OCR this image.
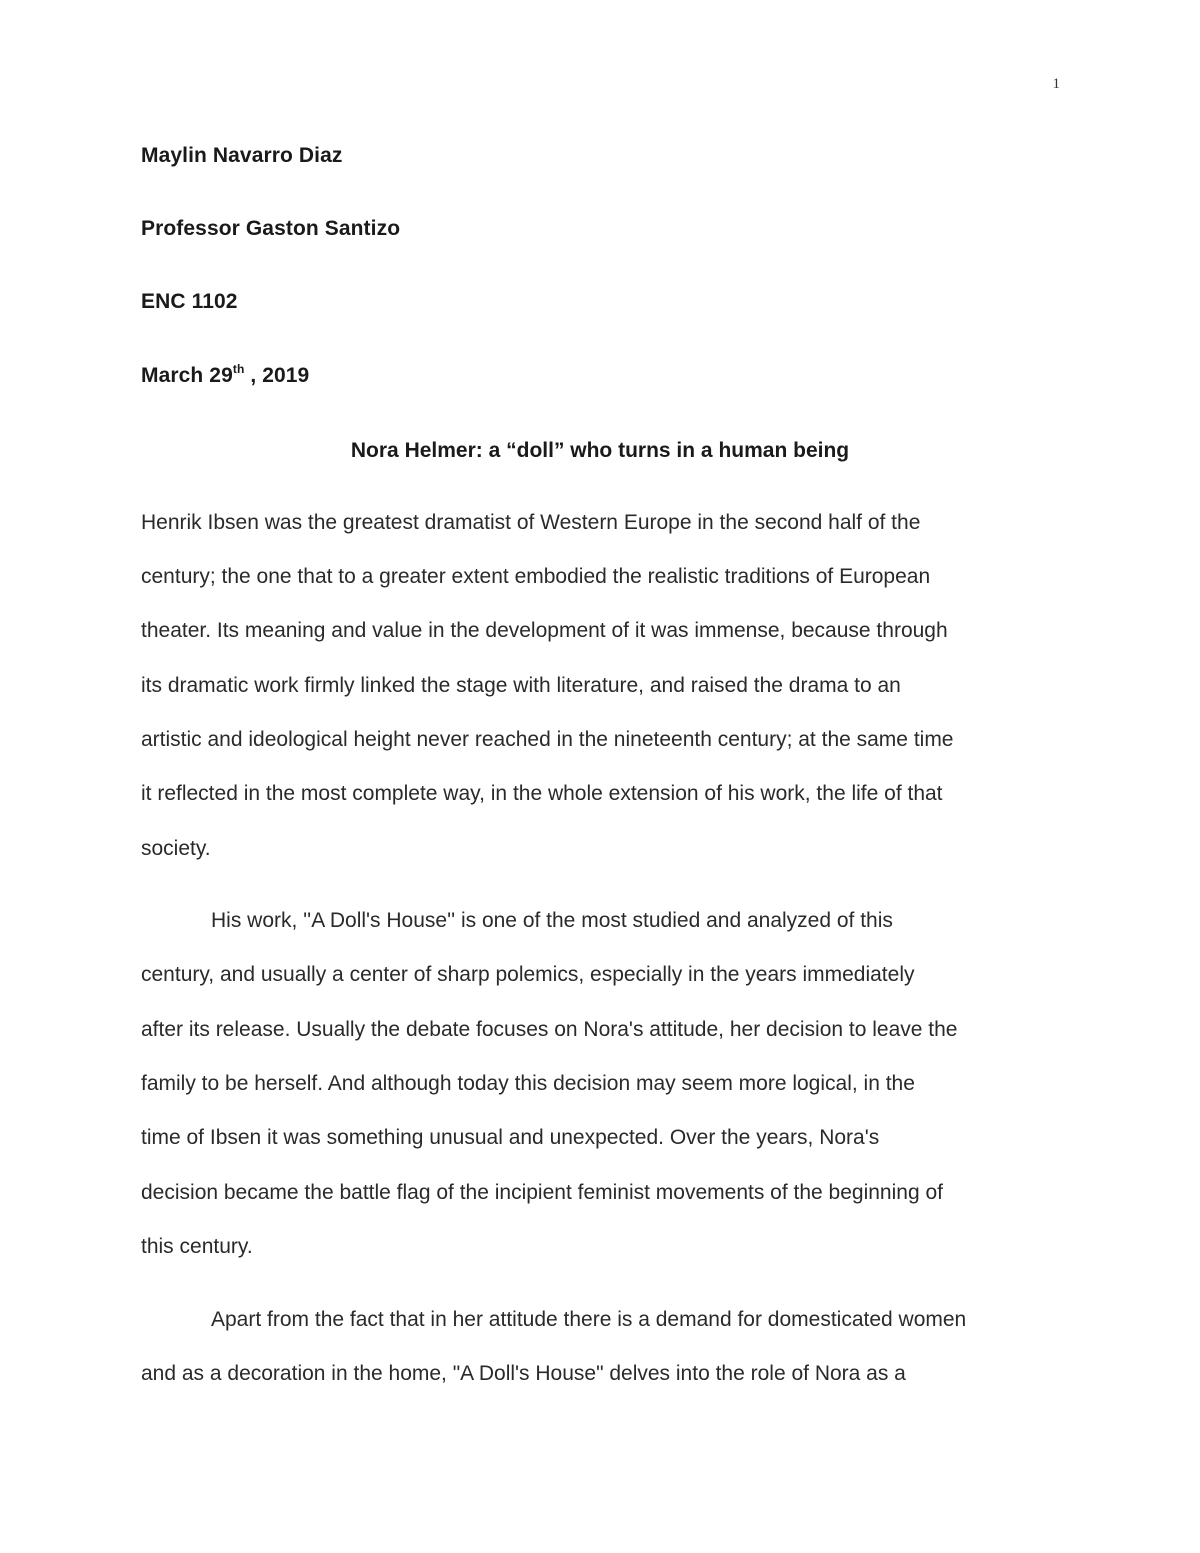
1
Maylin Navarro Diaz
Professor Gaston Santizo
ENC 1102
March 29th , 2019
Nora Helmer: a “doll” who turns in a human being
Henrik Ibsen was the greatest dramatist of Western Europe in the second half of the
century; the one that to a greater extent embodied the realistic traditions of European
theater. Its meaning and value in the development of it was immense, because through
its dramatic work firmly linked the stage with literature, and raised the drama to an
artistic and ideological height never reached in the nineteenth century; at the same time
it reflected in the most complete way, in the whole extension of his work, the life of that
society.
His work, ''A Doll's House'' is one of the most studied and analyzed of this
century, and usually a center of sharp polemics, especially in the years immediately
after its release. Usually the debate focuses on Nora's attitude, her decision to leave the
family to be herself. And although today this decision may seem more logical, in the
time of Ibsen it was something unusual and unexpected. Over the years, Nora's
decision became the battle flag of the incipient feminist movements of the beginning of
this century.
Apart from the fact that in her attitude there is a demand for domesticated women
and as a decoration in the home, "A Doll's House" delves into the role of Nora as a
